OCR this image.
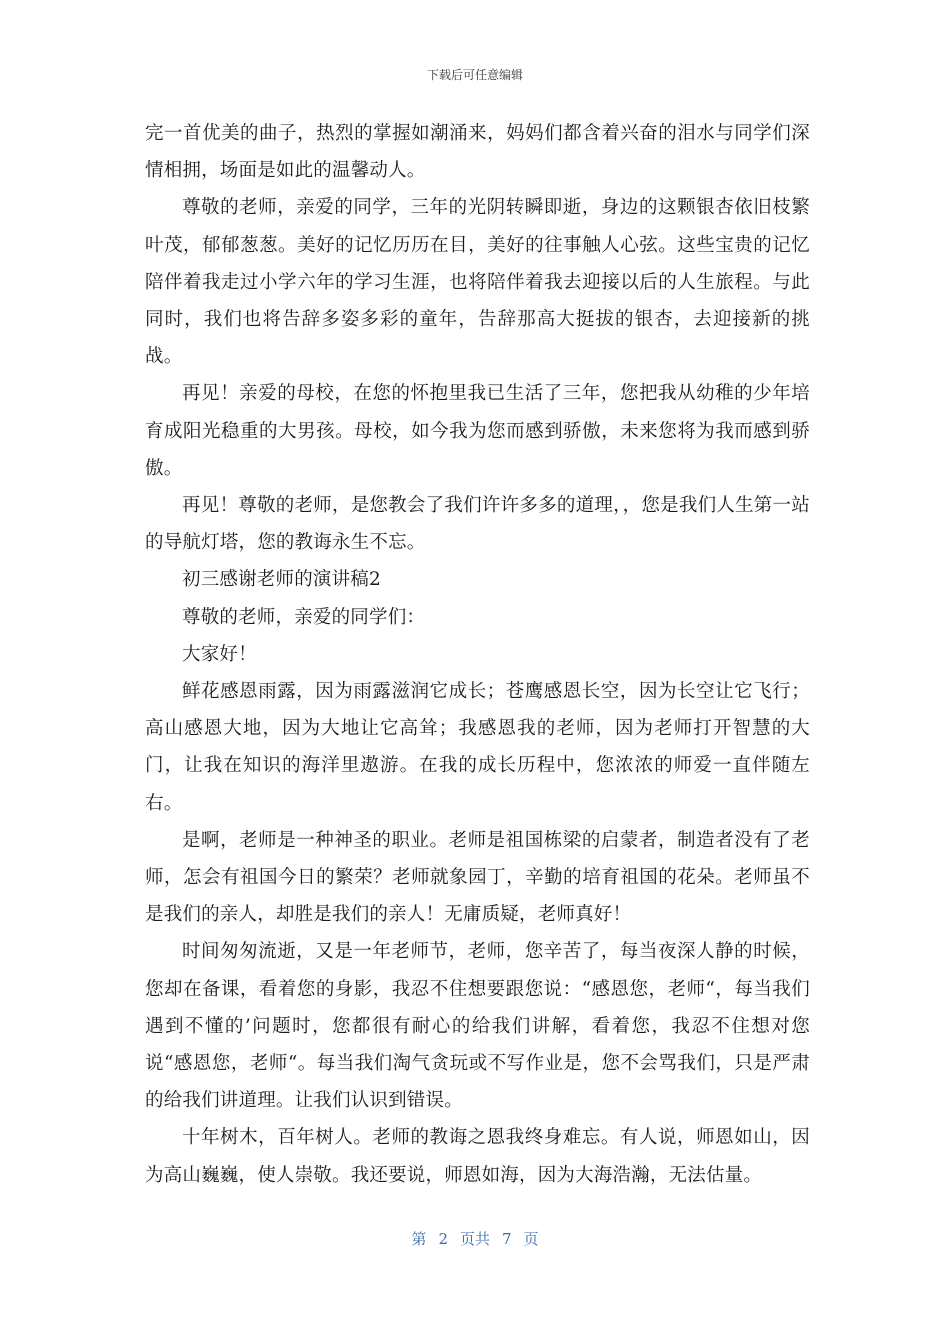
下载后可任意编辑

完一首优美的曲子，热烈的掌握如潮涌来，妈妈们都含着兴奋的泪水与同学们深情相拥，场面是如此的温馨动人。

尊敬的老师，亲爱的同学，三年的光阴转瞬即逝，身边的这颗银杏依旧枝繁叶茂，郁郁葱葱。美好的记忆历历在目，美好的往事触人心弦。这些宝贵的记忆陪伴着我走过小学六年的学习生涯，也将陪伴着我去迎接以后的人生旅程。与此同时，我们也将告辞多姿多彩的童年，告辞那高大挺拔的银杏，去迎接新的挑战。

再见！亲爱的母校，在您的怀抱里我已生活了三年，您把我从幼稚的少年培育成阳光稳重的大男孩。母校，如今我为您而感到骄傲，未来您将为我而感到骄傲。

再见！尊敬的老师，是您教会了我们许许多多的道理，，您是我们人生第一站的导航灯塔，您的教诲永生不忘。

初三感谢老师的演讲稿2

尊敬的老师，亲爱的同学们：

大家好！

鲜花感恩雨露，因为雨露滋润它成长；苍鹰感恩长空，因为长空让它飞行；高山感恩大地，因为大地让它高耸；我感恩我的老师，因为老师打开智慧的大门，让我在知识的海洋里遨游。在我的成长历程中，您浓浓的师爱一直伴随左右。

是啊，老师是一种神圣的职业。老师是祖国栋梁的启蒙者，制造者没有了老师，怎会有祖国今日的繁荣？老师就象园丁，辛勤的培育祖国的花朵。老师虽不是我们的亲人，却胜是我们的亲人！无庸质疑，老师真好！

时间匆匆流逝，又是一年老师节，老师，您辛苦了，每当夜深人静的时候，您却在备课，看着您的身影，我忍不住想要跟您说：“感恩您，老师“，每当我们遇到不懂的’问题时，您都很有耐心的给我们讲解，看着您，我忍不住想对您说“感恩您，老师“。每当我们淘气贪玩或不写作业是，您不会骂我们，只是严肃的给我们讲道理。让我们认识到错误。

十年树木，百年树人。老师的教诲之恩我终身难忘。有人说，师恩如山，因为高山巍巍，使人崇敬。我还要说，师恩如海，因为大海浩瀚，无法估量。

第 2 页共 7 页
